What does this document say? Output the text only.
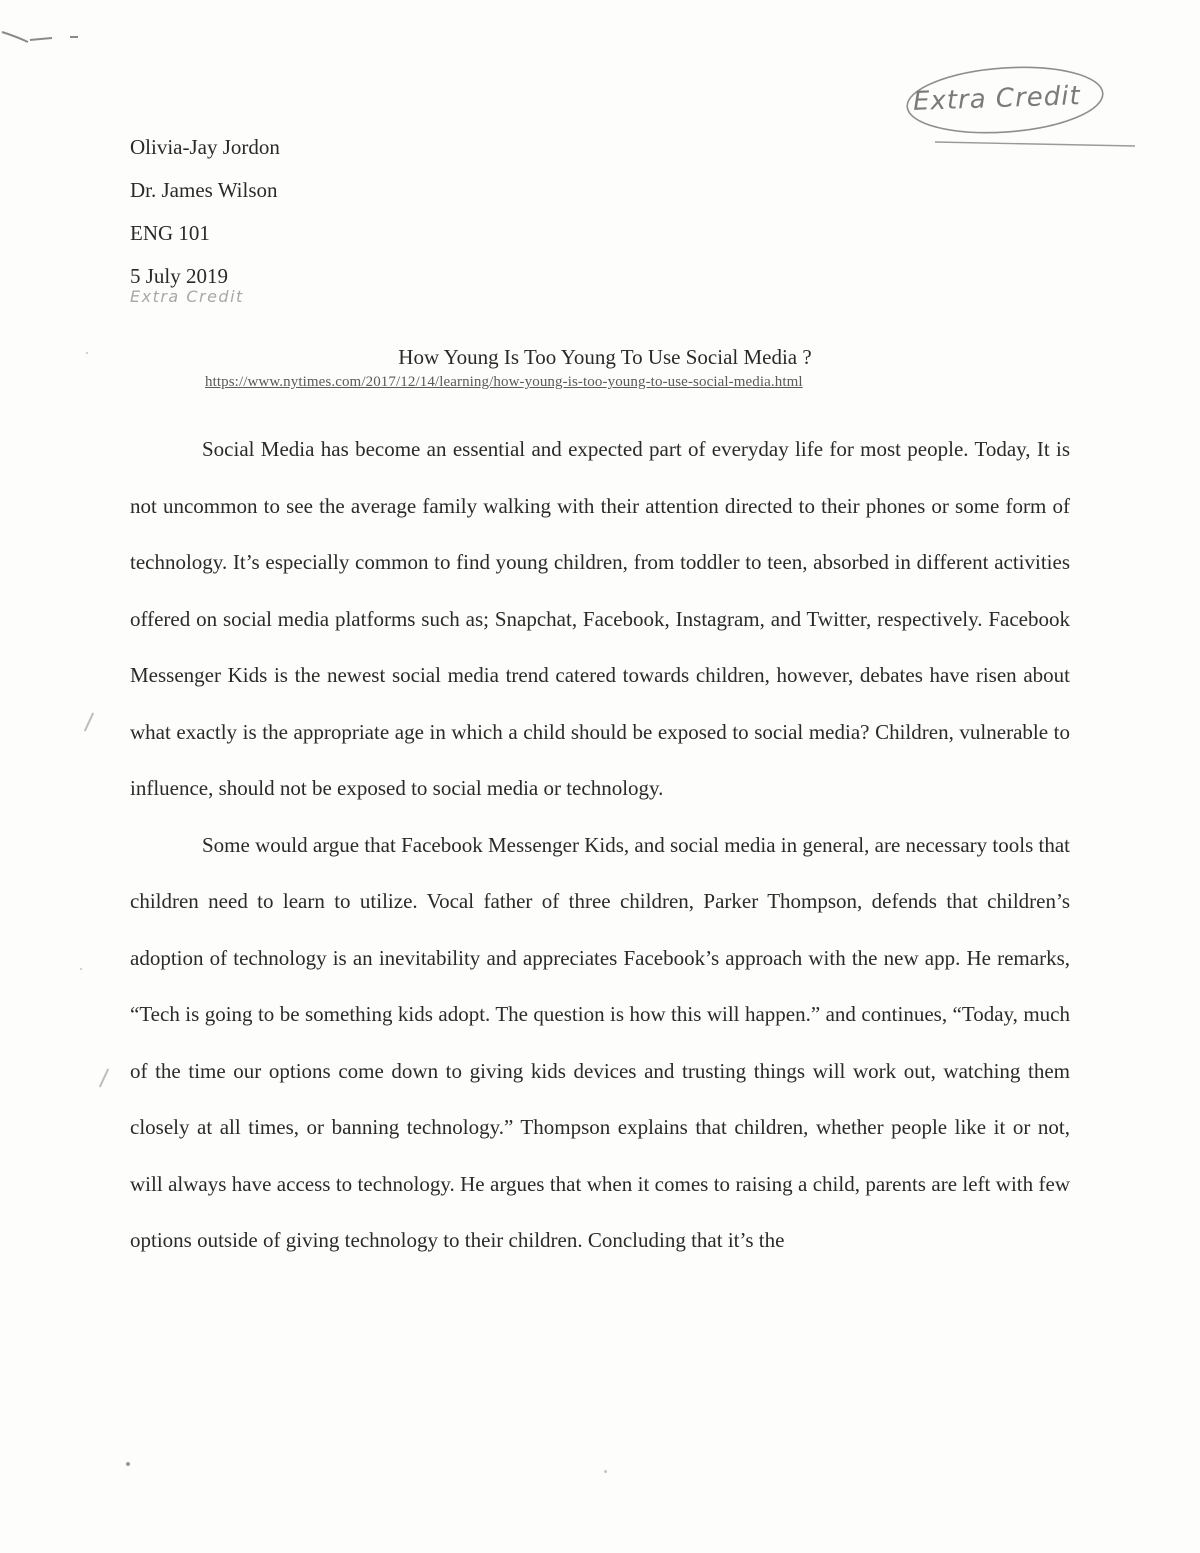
Extra Credit
Olivia-Jay Jordon
Dr. James Wilson
ENG 101
5 July 2019
Extra Credit
How Young Is Too Young To Use Social Media ?
https://www.nytimes.com/2017/12/14/learning/how-young-is-too-young-to-use-social-media.html

Social Media has become an essential and expected part of everyday life for most people. Today, It is not uncommon to see the average family walking with their attention directed to their phones or some form of technology. It’s especially common to find young children, from toddler to teen, absorbed in different activities offered on social media platforms such as; Snapchat, Facebook, Instagram, and Twitter, respectively. Facebook Messenger Kids is the newest social media trend catered towards children, however, debates have risen about what exactly is the appropriate age in which a child should be exposed to social media? Children, vulnerable to influence, should not be exposed to social media or technology.

Some would argue that Facebook Messenger Kids, and social media in general, are necessary tools that children need to learn to utilize. Vocal father of three children, Parker Thompson, defends that children’s adoption of technology is an inevitability and appreciates Facebook’s approach with the new app. He remarks, “Tech is going to be something kids adopt. The question is how this will happen.” and continues, “Today, much of the time our options come down to giving kids devices and trusting things will work out, watching them closely at all times, or banning technology.” Thompson explains that children, whether people like it or not, will always have access to technology. He argues that when it comes to raising a child, parents are left with few options outside of giving technology to their children. Concluding that it’s the
